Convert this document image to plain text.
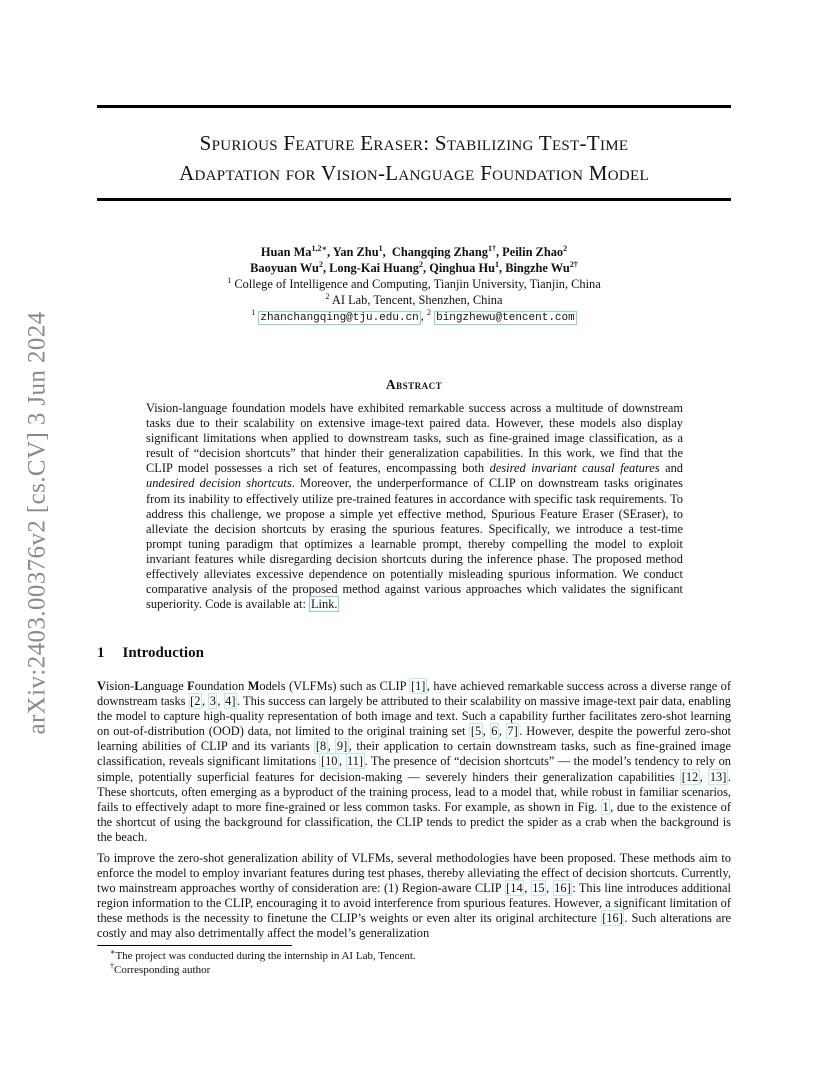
arXiv:2403.00376v2 [cs.CV] 3 Jun 2024
Spurious Feature Eraser: Stabilizing Test-Time
Adaptation for Vision-Language Foundation Model
Huan $Ma^{1,2∗}$, Yan Zhu$^1$,  Changqing Zhang$^{1\dagger}$, Peilin Zhao$^2$
Baoyuan Wu$^2$, Long-Kai Huang$^2$, Qinghua Hu$^1$, Bingzhe $Wu^{2\dagger}$
$^1$ College of Intelligence and Computing, Tianjin University, Tianjin, China
$^2$ AI Lab, Tencent, Shenzhen, China
$^1$ zhanchangqing@tju.edu.cn , $^2$ bingzhewu@tencent.com
Abstract

Vision-language foundation models have exhibited remarkable success across a multitude of downstream tasks due to their scalability on extensive image-text paired data. However, these models also display significant limitations when applied to downstream tasks, such as fine-grained image classification, as a result of “decision shortcuts” that hinder their generalization capabilities. In this work, we find that the CLIP model possesses a rich set of features, encompassing both desired invariant causal features and undesired decision shortcuts. Moreover, the underperformance of CLIP on downstream tasks originates from its inability to effectively utilize pre-trained features in accordance with specific task requirements. To address this challenge, we propose a simple yet effective method, Spurious Feature Eraser (SEraser), to alleviate the decision shortcuts by erasing the spurious features. Specifically, we introduce a test-time prompt tuning paradigm that optimizes a learnable prompt, thereby compelling the model to exploit invariant features while disregarding decision shortcuts during the inference phase. The proposed method effectively alleviates excessive dependence on potentially misleading spurious information. We conduct comparative analysis of the proposed method against various approaches which validates the significant superiority. Code is available at: Link.

1 Introduction

Vision-Language Foundation Models (VLFMs) such as CLIP [1] , have achieved remarkable success across a diverse range of downstream tasks [2 , 3 , 4] . This success can largely be attributed to their scalability on massive image-text pair data, enabling the model to capture high-quality representation of both image and text. Such a capability further facilitates zero-shot learning on out-of-distribution (OOD) data, not limited to the original training set [5 , 6 , 7] . However, despite the powerful zero-shot learning abilities of CLIP and its variants [8 , 9] , their application to certain downstream tasks, such as fine-grained image classification, reveals significant limitations [10 , 11] . The presence of “decision shortcuts” — the model’s tendency to rely on simple, potentially superficial features for decision-making — severely hinders their generalization capabilities [12 , 13] . These shortcuts, often emerging as a byproduct of the training process, lead to a model that, while robust in familiar scenarios, fails to effectively adapt to more fine-grained or less common tasks. For example, as shown in Fig. 1 , due to the existence of the shortcut of using the background for classification, the CLIP tends to predict the spider as a crab when the background is the beach.

To improve the zero-shot generalization ability of VLFMs, several methodologies have been proposed. These methods aim to enforce the model to employ invariant features during test phases, thereby alleviating the effect of decision shortcuts. Currently, two mainstream approaches worthy of consideration are: (1) Region-aware CLIP [14 , 15 , 16] : This line introduces additional region information to the CLIP, encouraging it to avoid interference from spurious features. However, a significant limitation of these methods is the necessity to finetune the CLIP’s weights or even alter its original architecture [16] . Such alterations are costly and may also detrimentally affect the model’s generalization

∗The project was conducted during the internship in AI Lab, Tencent.
†Corresponding author
